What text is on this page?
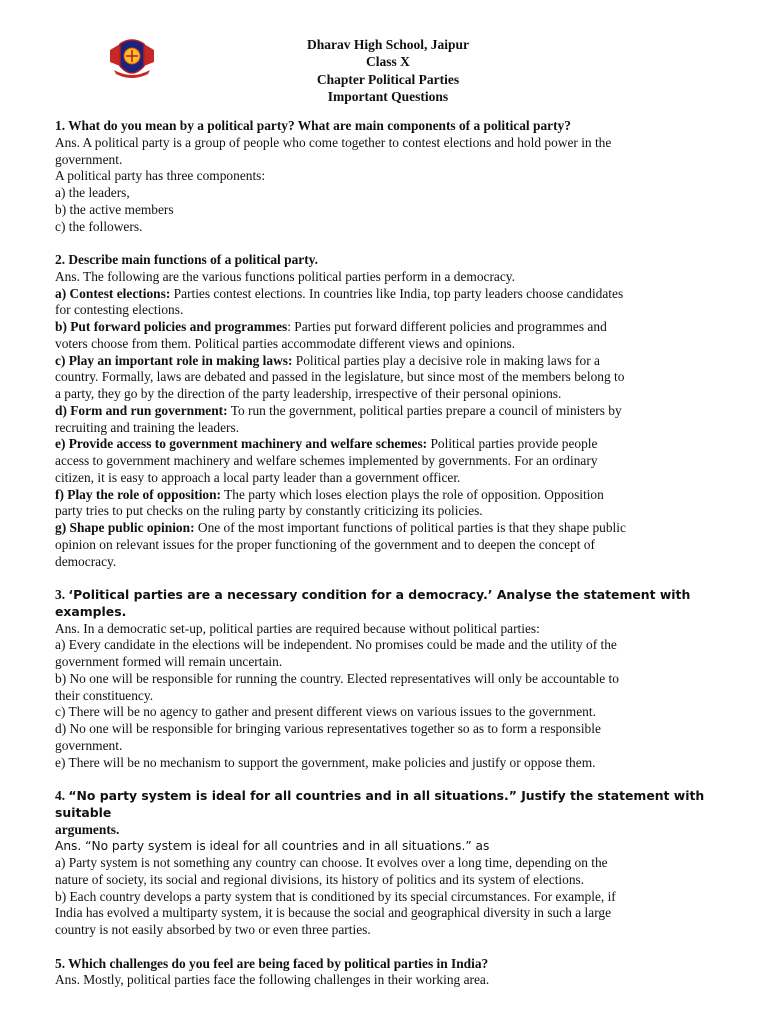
Dharav High School, Jaipur
Class X
Chapter Political Parties
Important Questions

1. What do you mean by a political party? What are main components of a political party?

Ans. A political party is a group of people who come together to contest elections and hold power in the

government.

A political party has three components:

a) the leaders,

b) the active members

c) the followers.

2. Describe main functions of a political party.

Ans. The following are the various functions political parties perform in a democracy.

a) Contest elections: Parties contest elections. In countries like India, top party leaders choose candidates

for contesting elections.

b) Put forward policies and programmes: Parties put forward different policies and programmes and

voters choose from them. Political parties accommodate different views and opinions.

c) Play an important role in making laws: Political parties play a decisive role in making laws for a

country. Formally, laws are debated and passed in the legislature, but since most of the members belong to

a party, they go by the direction of the party leadership, irrespective of their personal opinions.

d) Form and run government: To run the government, political parties prepare a council of ministers by

recruiting and training the leaders.

e) Provide access to government machinery and welfare schemes: Political parties provide people

access to government machinery and welfare schemes implemented by governments. For an ordinary

citizen, it is easy to approach a local party leader than a government officer.

f) Play the role of opposition: The party which loses election plays the role of opposition. Opposition

party tries to put checks on the ruling party by constantly criticizing its policies.

g) Shape public opinion: One of the most important functions of political parties is that they shape public

opinion on relevant issues for the proper functioning of the government and to deepen the concept of

democracy.

3. ‘Political parties are a necessary condition for a democracy.’ Analyse the statement with examples.

Ans. In a democratic set-up, political parties are required because without political parties:

a) Every candidate in the elections will be independent. No promises could be made and the utility of the

government formed will remain uncertain.

b) No one will be responsible for running the country. Elected representatives will only be accountable to

their constituency.

c) There will be no agency to gather and present different views on various issues to the government.

d) No one will be responsible for bringing various representatives together so as to form a responsible

government.

e) There will be no mechanism to support the government, make policies and justify or oppose them.

4. “No party system is ideal for all countries and in all situations.” Justify the statement with suitable

arguments.

Ans. “No party system is ideal for all countries and in all situations.” as

a) Party system is not something any country can choose. It evolves over a long time, depending on the

nature of society, its social and regional divisions, its history of politics and its system of elections.

b) Each country develops a party system that is conditioned by its special circumstances. For example, if

India has evolved a multiparty system, it is because the social and geographical diversity in such a large

country is not easily absorbed by two or even three parties.

5. Which challenges do you feel are being faced by political parties in India?

Ans. Mostly, political parties face the following challenges in their working area.
